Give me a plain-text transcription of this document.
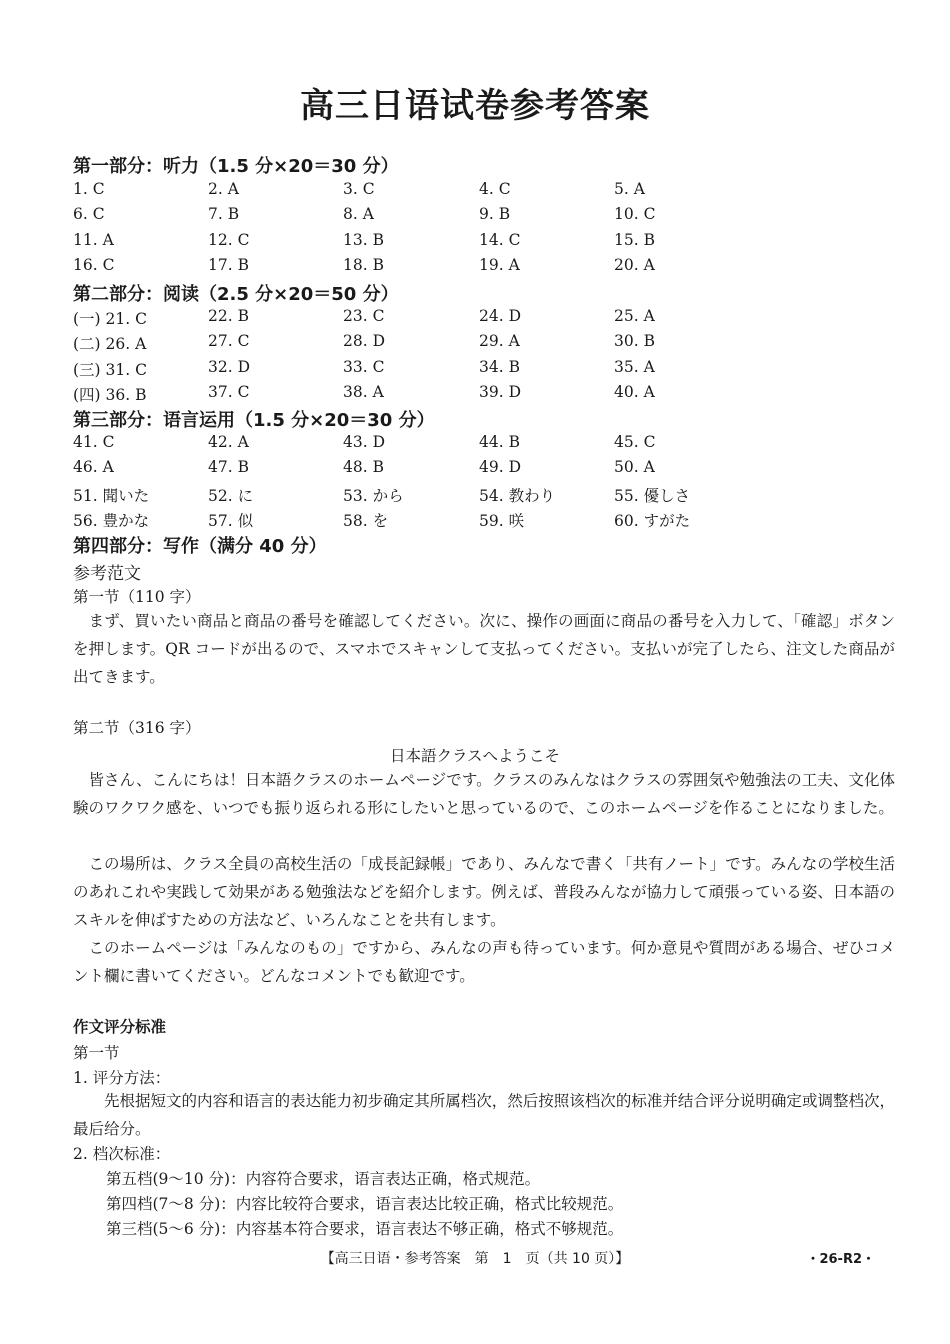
高三日语试卷参考答案
第一部分：听力（1.5 分×20＝30 分）
1. C	2. A	3. C	4. C	5. A
6. C	7. B	8. A	9. B	10. C
11. A	12. C	13. B	14. C	15. B
16. C	17. B	18. B	19. A	20. A
第二部分：阅读（2.5 分×20＝50 分）
(一) 21. C	22. B	23. C	24. D	25. A
(二) 26. A	27. C	28. D	29. A	30. B
(三) 31. C	32. D	33. C	34. B	35. A
(四) 36. B	37. C	38. A	39. D	40. A
第三部分：语言运用（1.5 分×20＝30 分）
41. C	42. A	43. D	44. B	45. C
46. A	47. B	48. B	49. D	50. A
51. 聞いた	52. に	53. から	54. 教わり	55. 優しさ
56. 豊かな	57. 似	58. を	59. 咲	60. すがた
第四部分：写作（满分 40 分）
参考范文
第一节（110 字）
まず、買いたい商品と商品の番号を確認してください。次に、操作の画面に商品の番号を入力して、「確認」ボタンを押します。QR コードが出るので、スマホでスキャンして支払ってください。支払いが完了したら、注文した商品が出てきます。
第二节（316 字）
日本語クラスへようこそ
皆さん、こんにちは！日本語クラスのホームページです。クラスのみんなはクラスの雰囲気や勉強法の工夫、文化体験のワクワク感を、いつでも振り返られる形にしたいと思っているので、このホームページを作ることになりました。
この場所は、クラス全員の高校生活の「成長記録帳」であり、みんなで書く「共有ノート」です。みんなの学校生活のあれこれや実践して効果がある勉強法などを紹介します。例えば、普段みんなが協力して頑張っている姿、日本語のスキルを伸ばすための方法など、いろんなことを共有します。
このホームページは「みんなのもの」ですから、みんなの声も待っています。何か意見や質問がある場合、ぜひコメント欄に書いてください。どんなコメントでも歓迎です。
作文评分标准
第一节
1. 评分方法：
先根据短文的内容和语言的表达能力初步确定其所属档次，然后按照该档次的标准并结合评分说明确定或调整档次，最后给分。
2. 档次标准：
第五档(9～10 分)：内容符合要求，语言表达正确，格式规范。
第四档(7～8 分)：内容比较符合要求，语言表达比较正确，格式比较规范。
第三档(5～6 分)：内容基本符合要求，语言表达不够正确，格式不够规范。
【高三日语・参考答案　第　1　页（共 10 页）】	・26-R2・
